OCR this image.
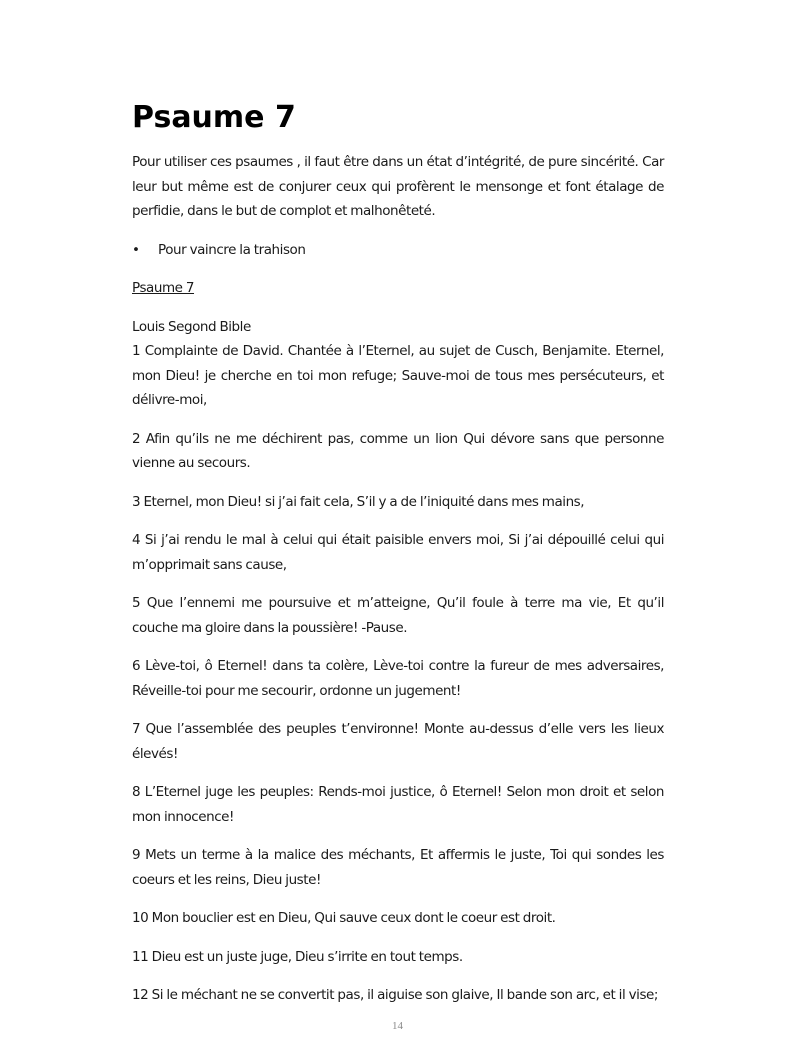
Psaume 7

Pour utiliser ces psaumes , il faut être dans un état d’intégrité, de pure sincérité. Car leur but même est de conjurer ceux qui profèrent le mensonge et font étalage de perfidie, dans le but de complot et malhonêteté.

•	Pour vaincre la trahison

Psaume 7

Louis Segond Bible

1 Complainte de David. Chantée à l’Eternel, au sujet de Cusch, Benjamite. Eternel, mon Dieu! je cherche en toi mon refuge; Sauve-moi de tous mes persécuteurs, et délivre-moi,

2 Afin qu’ils ne me déchirent pas, comme un lion Qui dévore sans que personne vienne au secours.

3 Eternel, mon Dieu! si j’ai fait cela, S’il y a de l’iniquité dans mes mains,

4 Si j’ai rendu le mal à celui qui était paisible envers moi, Si j’ai dépouillé celui qui m’opprimait sans cause,

5 Que l’ennemi me poursuive et m’atteigne, Qu’il foule à terre ma vie, Et qu’il couche ma gloire dans la poussière! -Pause.

6 Lève-toi, ô Eternel! dans ta colère, Lève-toi contre la fureur de mes adversaires, Réveille-toi pour me secourir, ordonne un jugement!

7 Que l’assemblée des peuples t’environne! Monte au-dessus d’elle vers les lieux élevés!

8 L’Eternel juge les peuples: Rends-moi justice, ô Eternel! Selon mon droit et selon mon innocence!

9 Mets un terme à la malice des méchants, Et affermis le juste, Toi qui sondes les coeurs et les reins, Dieu juste!

10 Mon bouclier est en Dieu, Qui sauve ceux dont le coeur est droit.

11 Dieu est un juste juge, Dieu s’irrite en tout temps.

12 Si le méchant ne se convertit pas, il aiguise son glaive, Il bande son arc, et il vise;

14
